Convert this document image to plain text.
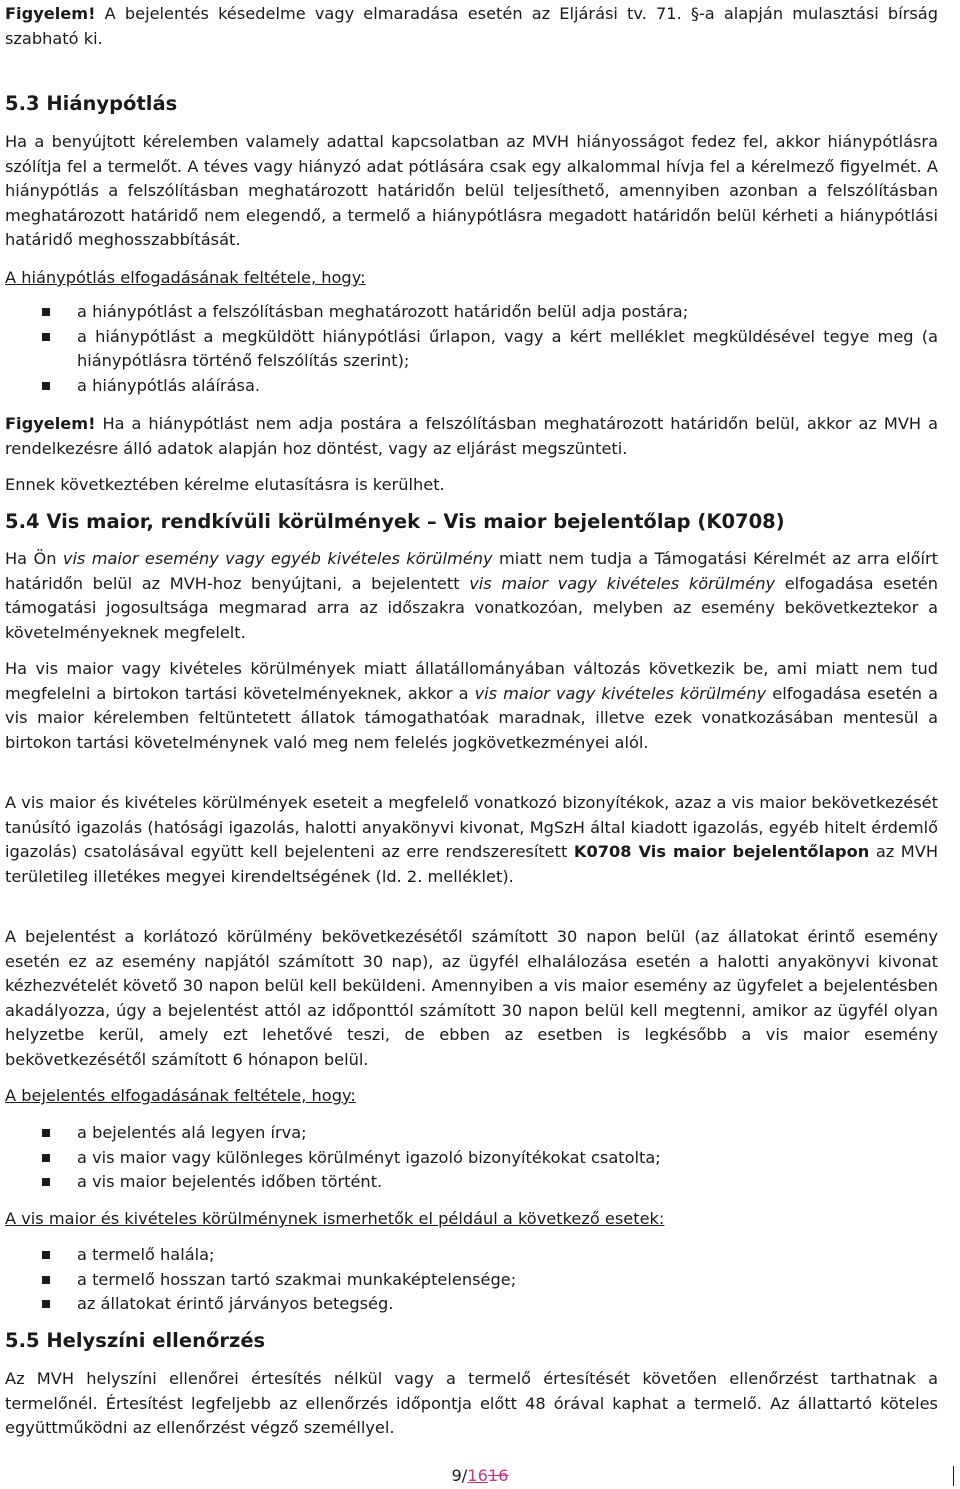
Figyelem! A bejelentés késedelme vagy elmaradása esetén az Eljárási tv. 71. §-a alapján mulasztási bírság szabható ki.

5.3 Hiánypótlás

Ha a benyújtott kérelemben valamely adattal kapcsolatban az MVH hiányosságot fedez fel, akkor hiánypótlásra szólítja fel a termelőt. A téves vagy hiányzó adat pótlására csak egy alkalommal hívja fel a kérelmező figyelmét. A hiánypótlás a felszólításban meghatározott határidőn belül teljesíthető, amennyiben azonban a felszólításban meghatározott határidő nem elegendő, a termelő a hiánypótlásra megadott határidőn belül kérheti a hiánypótlási határidő meghosszabbítását.

A hiánypótlás elfogadásának feltétele, hogy:

a hiánypótlást a felszólításban meghatározott határidőn belül adja postára;
a hiánypótlást a megküldött hiánypótlási űrlapon, vagy a kért melléklet megküldésével tegye meg (a hiánypótlásra történő felszólítás szerint);
a hiánypótlás aláírása.

Figyelem! Ha a hiánypótlást nem adja postára a felszólításban meghatározott határidőn belül, akkor az MVH a rendelkezésre álló adatok alapján hoz döntést, vagy az eljárást megszünteti.

Ennek következtében kérelme elutasításra is kerülhet.

5.4 Vis maior, rendkívüli körülmények – Vis maior bejelentőlap (K0708)

Ha Ön vis maior esemény vagy egyéb kivételes körülmény miatt nem tudja a Támogatási Kérelmét az arra előírt határidőn belül az MVH-hoz benyújtani, a bejelentett vis maior vagy kivételes körülmény elfogadása esetén támogatási jogosultsága megmarad arra az időszakra vonatkozóan, melyben az esemény bekövetkeztekor a követelményeknek megfelelt.

Ha vis maior vagy kivételes körülmények miatt állatállományában változás következik be, ami miatt nem tud megfelelni a birtokon tartási követelményeknek, akkor a vis maior vagy kivételes körülmény elfogadása esetén a vis maior kérelemben feltüntetett állatok támogathatóak maradnak, illetve ezek vonatkozásában mentesül a birtokon tartási követelménynek való meg nem felelés jogkövetkezményei alól.

A vis maior és kivételes körülmények eseteit a megfelelő vonatkozó bizonyítékok, azaz a vis maior bekövetkezését tanúsító igazolás (hatósági igazolás, halotti anyakönyvi kivonat, MgSzH által kiadott igazolás, egyéb hitelt érdemlő igazolás) csatolásával együtt kell bejelenteni az erre rendszeresített K0708 Vis maior bejelentőlapon az MVH területileg illetékes megyei kirendeltségének (ld. 2. melléklet).

A bejelentést a korlátozó körülmény bekövetkezésétől számított 30 napon belül (az állatokat érintő esemény esetén ez az esemény napjától számított 30 nap), az ügyfél elhalálozása esetén a halotti anyakönyvi kivonat kézhezvételét követő 30 napon belül kell beküldeni. Amennyiben a vis maior esemény az ügyfelet a bejelentésben akadályozza, úgy a bejelentést attól az időponttól számított 30 napon belül kell megtenni, amikor az ügyfél olyan helyzetbe kerül, amely ezt lehetővé teszi, de ebben az esetben is legkésőbb a vis maior esemény bekövetkezésétől számított 6 hónapon belül.

A bejelentés elfogadásának feltétele, hogy:

a bejelentés alá legyen írva;
a vis maior vagy különleges körülményt igazoló bizonyítékokat csatolta;
a vis maior bejelentés időben történt.

A vis maior és kivételes körülménynek ismerhetők el például a következő esetek:

a termelő halála;
a termelő hosszan tartó szakmai munkaképtelensége;
az állatokat érintő járványos betegség.
5.5 Helyszíni ellenőrzés

Az MVH helyszíni ellenőrei értesítés nélkül vagy a termelő értesítését követően ellenőrzést tarthatnak a termelőnél. Értesítést legfeljebb az ellenőrzés időpontja előtt 48 órával kaphat a termelő. Az állattartó köteles együttműködni az ellenőrzést végző személlyel.

9/1616
